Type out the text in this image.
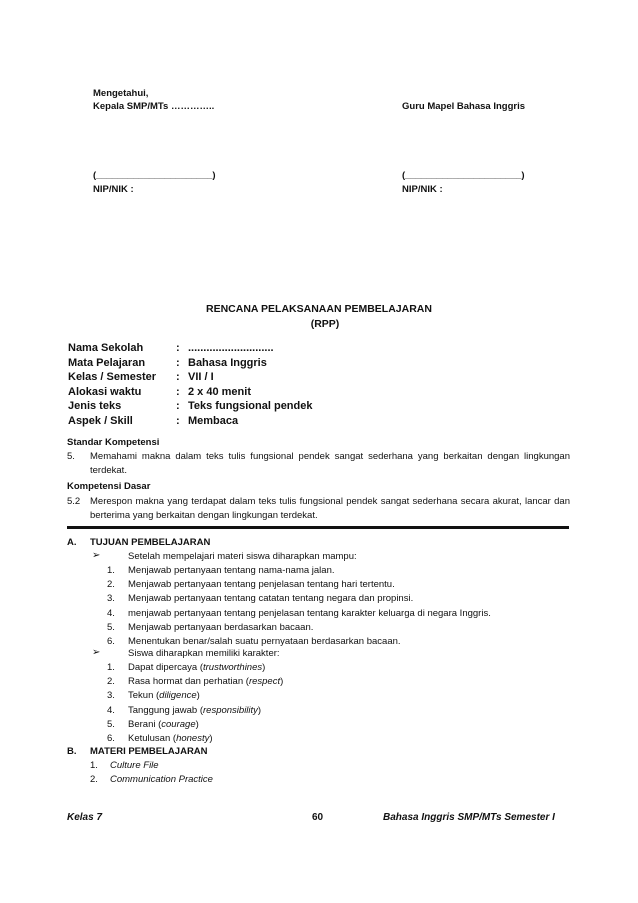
Mengetahui,
Kepala SMP/MTs …………..	Guru Mapel Bahasa Inggris
(______________________)	(______________________)
NIP/NIK :	NIP/NIK :
RENCANA PELAKSANAAN PEMBELAJARAN
(RPP)
Nama Sekolah	: ............................
Mata Pelajaran	: Bahasa Inggris
Kelas / Semester	: VII / I
Alokasi waktu	: 2 x 40 menit
Jenis teks	: Teks fungsional pendek
Aspek / Skill	: Membaca
Standar Kompetensi
5. Memahami makna dalam teks tulis fungsional pendek sangat sederhana yang berkaitan dengan lingkungan terdekat.
Kompetensi Dasar
5.2 Merespon makna yang terdapat dalam teks tulis fungsional pendek sangat sederhana secara akurat, lancar dan berterima yang berkaitan dengan lingkungan terdekat.
A. TUJUAN PEMBELAJARAN
➢	Setelah mempelajari materi siswa diharapkan mampu:
1. Menjawab pertanyaan tentang nama-nama jalan.
2. Menjawab pertanyaan tentang penjelasan tentang hari tertentu.
3. Menjawab pertanyaan tentang catatan tentang negara dan propinsi.
4. menjawab pertanyaan tentang penjelasan tentang karakter keluarga di negara Inggris.
5. Menjawab pertanyaan berdasarkan bacaan.
6. Menentukan benar/salah suatu pernyataan berdasarkan bacaan.
➢	Siswa diharapkan memiliki karakter:
1. Dapat dipercaya (trustworthines)
2. Rasa hormat dan perhatian (respect)
3. Tekun (diligence)
4. Tanggung jawab (responsibility)
5. Berani (courage)
6. Ketulusan (honesty)
B. MATERI PEMBELAJARAN
1. Culture File
2. Communication Practice
Kelas 7	60	Bahasa Inggris SMP/MTs Semester I
